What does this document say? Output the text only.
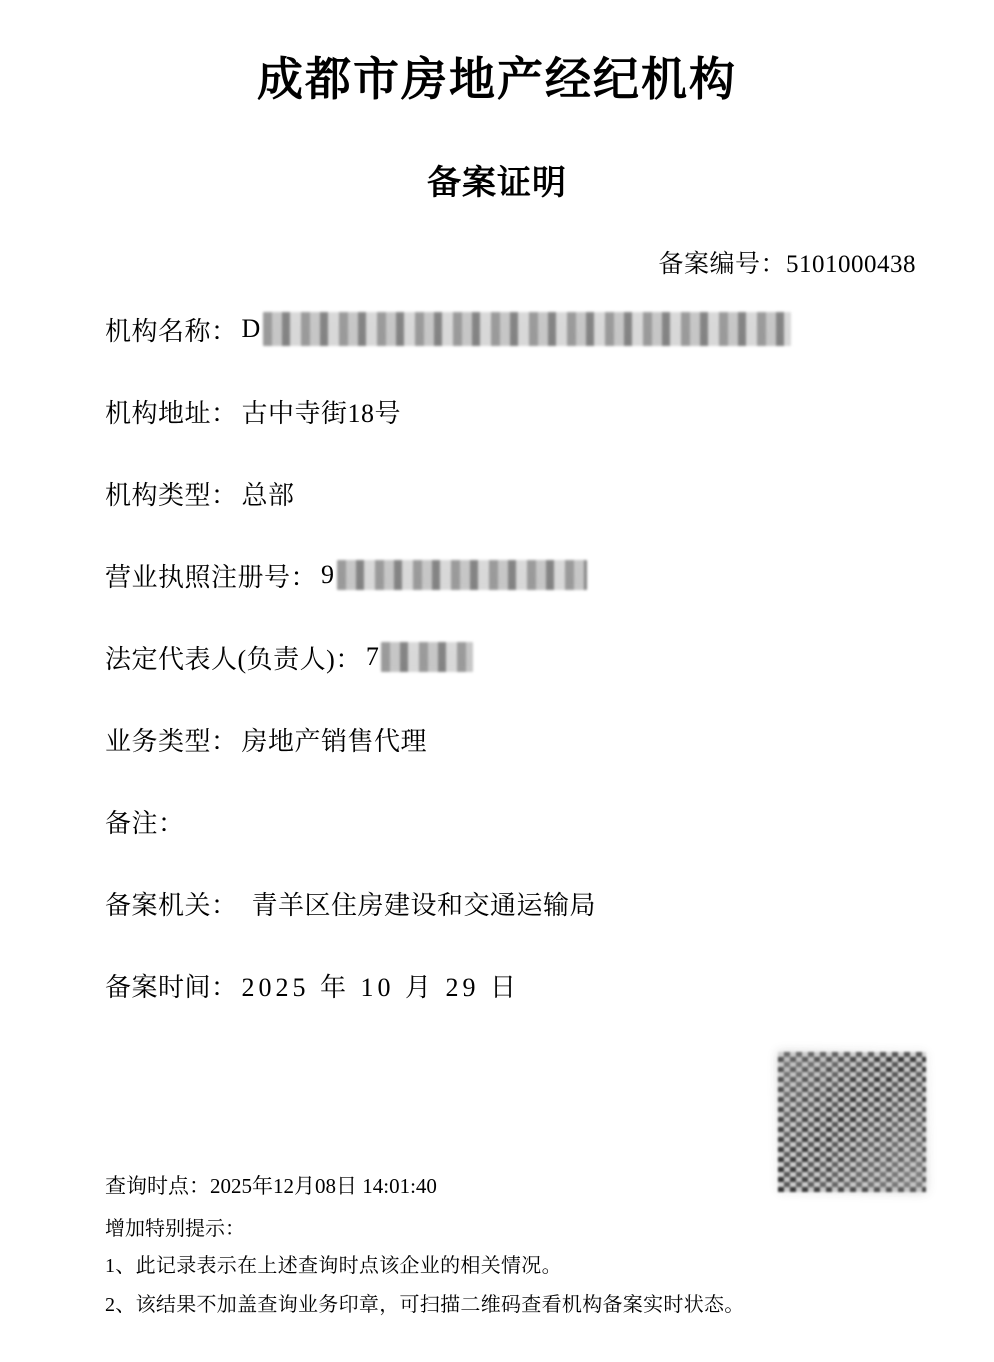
成都市房地产经纪机构
备案证明
备案编号：5101000438
机构名称： D
机构地址： 古中寺街18号
机构类型： 总部
营业执照注册号： 9
法定代表人(负责人)： 7
业务类型： 房地产销售代理
备注：
备案机关： 青羊区住房建设和交通运输局
备案时间： 2025 年 10 月 29 日
查询时点：2025年12月08日 14:01:40
增加特别提示：
1、此记录表示在上述查询时点该企业的相关情况。
2、该结果不加盖查询业务印章，可扫描二维码查看机构备案实时状态。
